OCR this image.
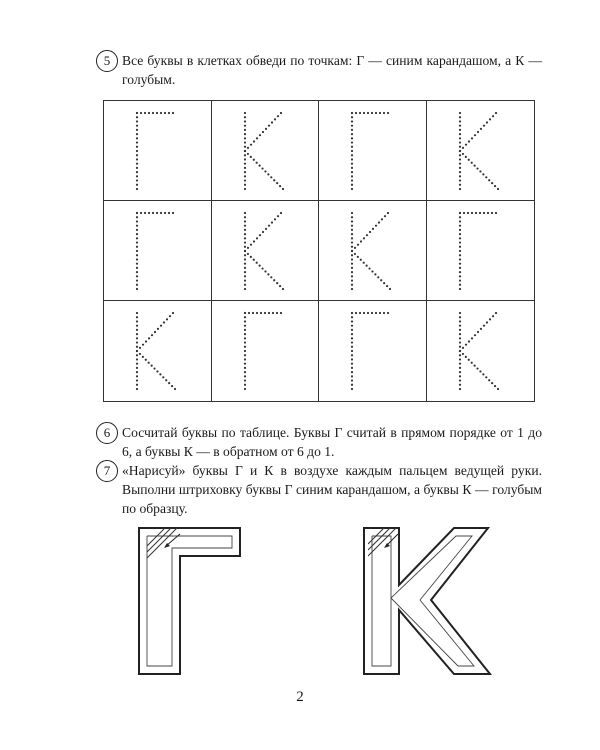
5 Все буквы в клетках обведи по точкам: Г — синим карандашом, а К — голубым.
6 Сосчитай буквы по таблице. Буквы Г считай в прямом порядке от 1 до 6, а буквы К — в обратном от 6 до 1.
7 «Нарисуй» буквы Г и К в воздухе каждым пальцем ведущей руки. Выполни штриховку буквы Г синим карандашом, а буквы К — голубым по образцу.
2
